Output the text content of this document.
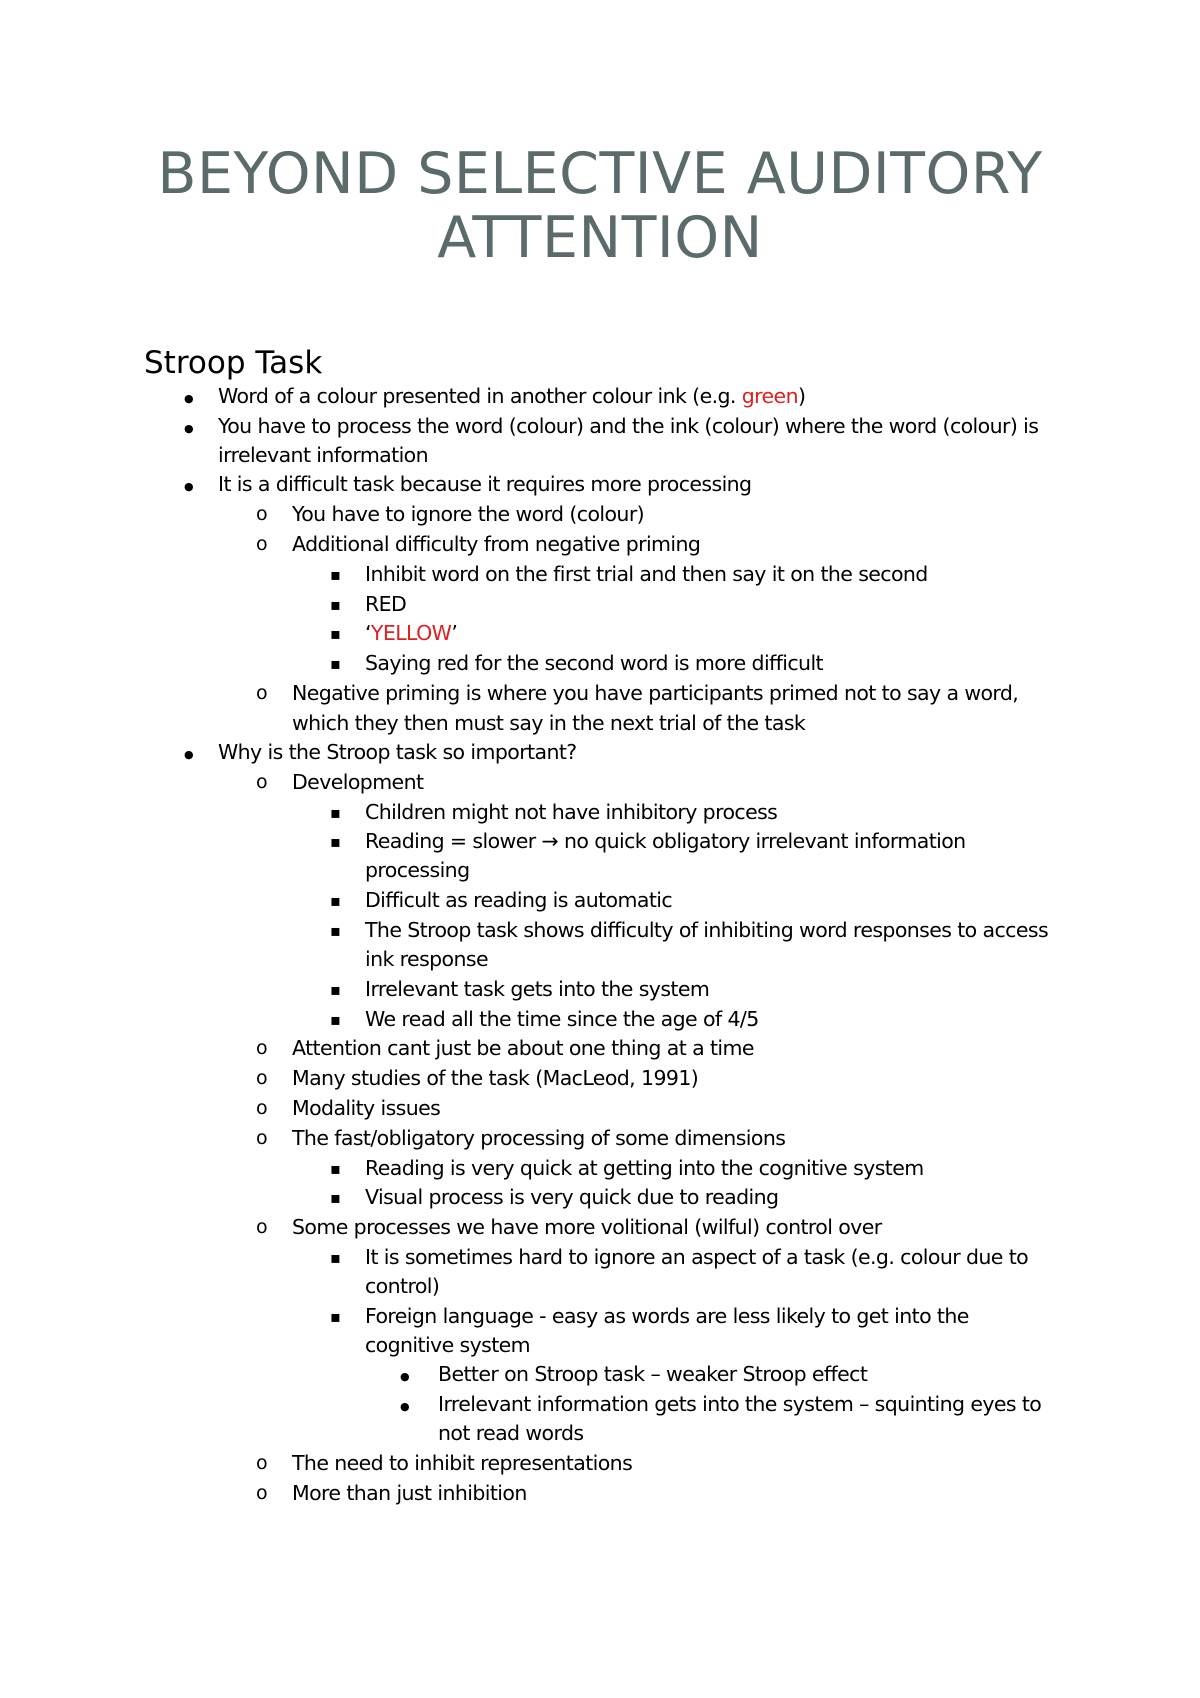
BEYOND SELECTIVE AUDITORY
ATTENTION
Stroop Task
●
Word of a colour presented in another colour ink (e.g. green)
●
You have to process the word (colour) and the ink (colour) where the word (colour) is
irrelevant information
●
It is a difficult task because it requires more processing
o
You have to ignore the word (colour)
o
Additional difficulty from negative priming
▪
Inhibit word on the first trial and then say it on the second
▪
RED
▪
‘YELLOW’
▪
Saying red for the second word is more difficult
o
Negative priming is where you have participants primed not to say a word,
which they then must say in the next trial of the task
●
Why is the Stroop task so important?
o
Development
▪
Children might not have inhibitory process
▪
Reading = slower → no quick obligatory irrelevant information
processing
▪
Difficult as reading is automatic
▪
The Stroop task shows difficulty of inhibiting word responses to access
ink response
▪
Irrelevant task gets into the system
▪
We read all the time since the age of 4/5
o
Attention cant just be about one thing at a time
o
Many studies of the task (MacLeod, 1991)
o
Modality issues
o
The fast/obligatory processing of some dimensions
▪
Reading is very quick at getting into the cognitive system
▪
Visual process is very quick due to reading
o
Some processes we have more volitional (wilful) control over
▪
It is sometimes hard to ignore an aspect of a task (e.g. colour due to
control)
▪
Foreign language - easy as words are less likely to get into the
cognitive system
●
Better on Stroop task – weaker Stroop effect
●
Irrelevant information gets into the system – squinting eyes to
not read words
o
The need to inhibit representations
o
More than just inhibition
